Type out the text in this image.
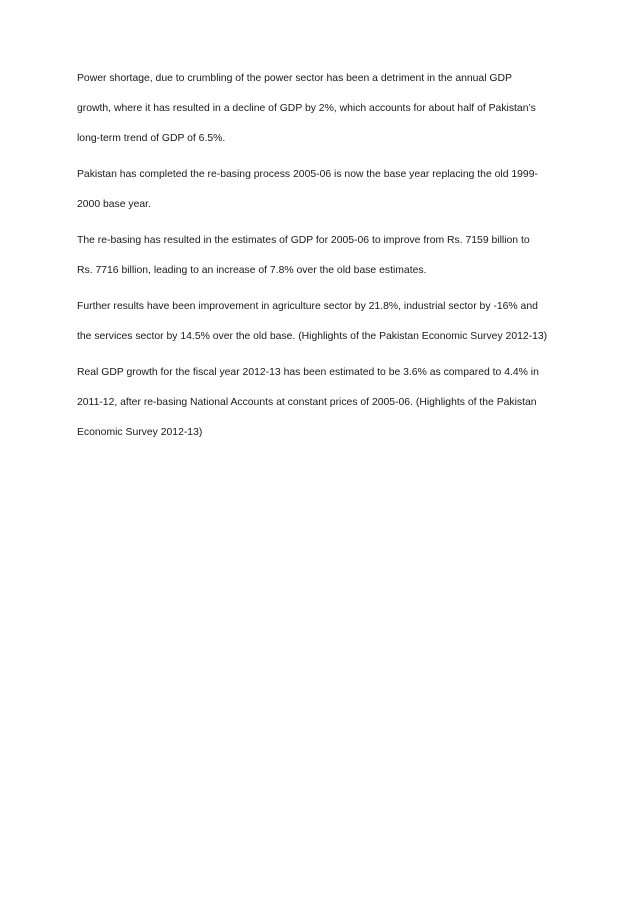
Power shortage, due to crumbling of the power sector has been a detriment in the annual GDP
growth, where it has resulted in a decline of GDP by 2%, which accounts for about half of Pakistan’s
long-term trend of GDP of 6.5%.
Pakistan has completed the re-basing process 2005-06 is now the base year replacing the old 1999-
2000 base year.
The re-basing has resulted in the estimates of GDP for 2005-06 to improve from Rs. 7159 billion to
Rs. 7716 billion, leading to an increase of 7.8% over the old base estimates.
Further results have been improvement in agriculture sector by 21.8%, industrial sector by -16% and
the services sector by 14.5% over the old base. (Highlights of the Pakistan Economic Survey 2012-13)
Real GDP growth for the fiscal year 2012-13 has been estimated to be 3.6% as compared to 4.4% in
2011-12, after re-basing National Accounts at constant prices of 2005-06. (Highlights of the Pakistan
Economic Survey 2012-13)
